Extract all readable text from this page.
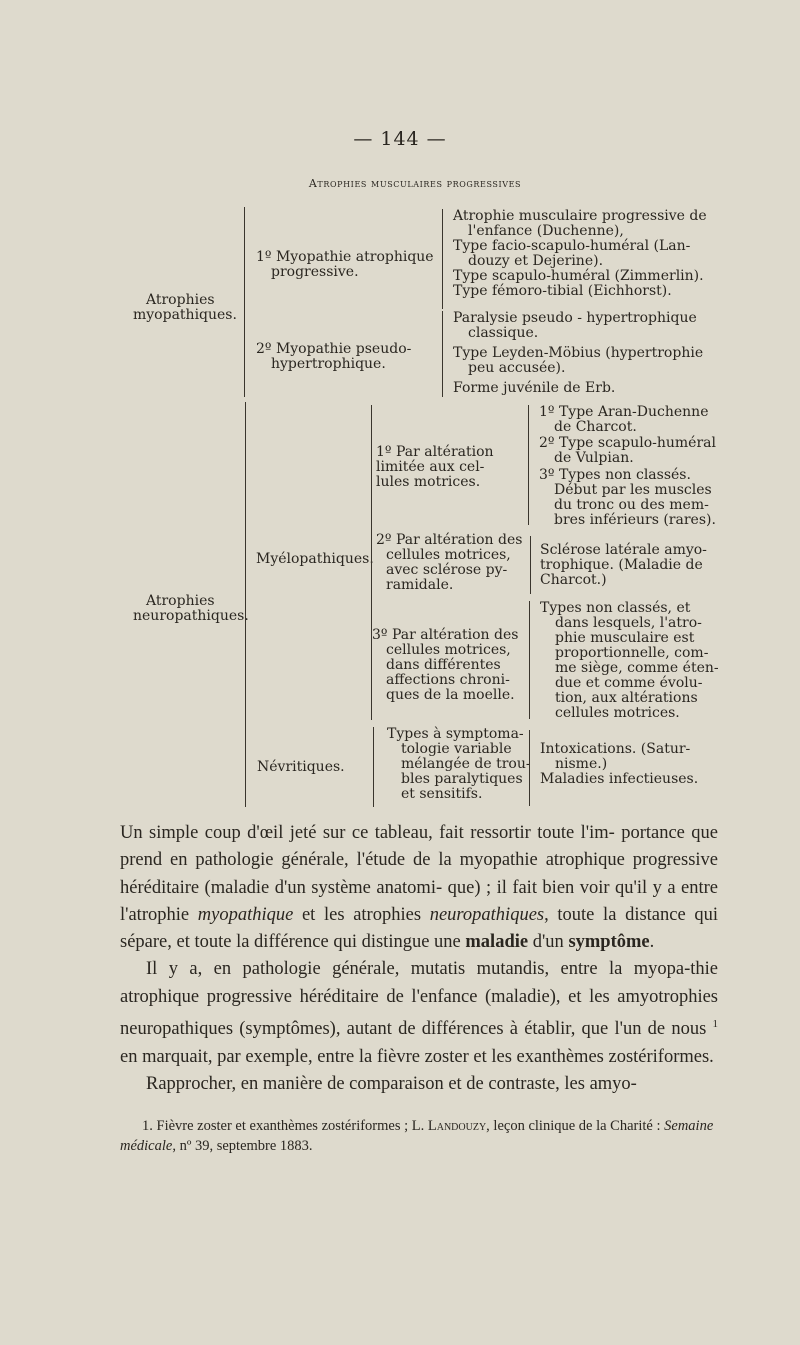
— 144 —
Atrophies musculaires progressives
Atrophies
myopathiques.
1º Myopathie atrophique
progressive.
Atrophie musculaire progressive de
l'enfance (Duchenne),
Type facio-scapulo-huméral (Lan-
douzy et Dejerine).
Type scapulo-huméral (Zimmerlin).
Type fémoro-tibial (Eichhorst).
2º Myopathie pseudo-
hypertrophique.
Paralysie pseudo - hypertrophique
classique.
Type Leyden-Möbius (hypertrophie
peu accusée).
Forme juvénile de Erb.
Atrophies
neuropathiques.
Myélopathiques.
1º Par altération
limitée aux cel-
lules motrices.
1º Type Aran-Duchenne
de Charcot.
2º Type scapulo-huméral
de Vulpian.
3º Types non classés.
Début par les muscles
du tronc ou des mem-
bres inférieurs (rares).
2º Par altération des
cellules motrices,
avec sclérose py-
ramidale.
Sclérose latérale amyo-
trophique. (Maladie de
Charcot.)
3º Par altération des
cellules motrices,
dans différentes
affections chroni-
ques de la moelle.
Types non classés, et
dans lesquels, l'atro-
phie musculaire est
proportionnelle, com-
me siège, comme éten-
due et comme évolu-
tion, aux altérations
cellules motrices.
Névritiques.
Types à symptoma-
tologie variable
mélangée de trou-
bles paralytiques
et sensitifs.
Intoxications. (Satur-
nisme.)
Maladies infectieuses.

Un simple coup d'œil jeté sur ce tableau, fait ressortir toute l'im- portance que prend en pathologie générale, l'étude de la myopathie atrophique progressive héréditaire (maladie d'un système anatomi- que) ; il fait bien voir qu'il y a entre l'atrophie myopathique et les atrophies neuropathiques, toute la distance qui sépare, et toute la différence qui distingue une maladie d'un symptôme.

Il y a, en pathologie générale, mutatis mutandis, entre la myopa-thie atrophique progressive héréditaire de l'enfance (maladie), et les amyotrophies neuropathiques (symptômes), autant de différences à établir, que l'un de nous $^1$ en marquait, par exemple, entre la fièvre zoster et les exanthèmes zostériformes.

Rapprocher, en manière de comparaison et de contraste, les amyo-

1. Fièvre zoster et exanthèmes zostériformes ; L. Landouzy, leçon clinique de la Charité : Semaine médicale, nº 39, septembre 1883.
